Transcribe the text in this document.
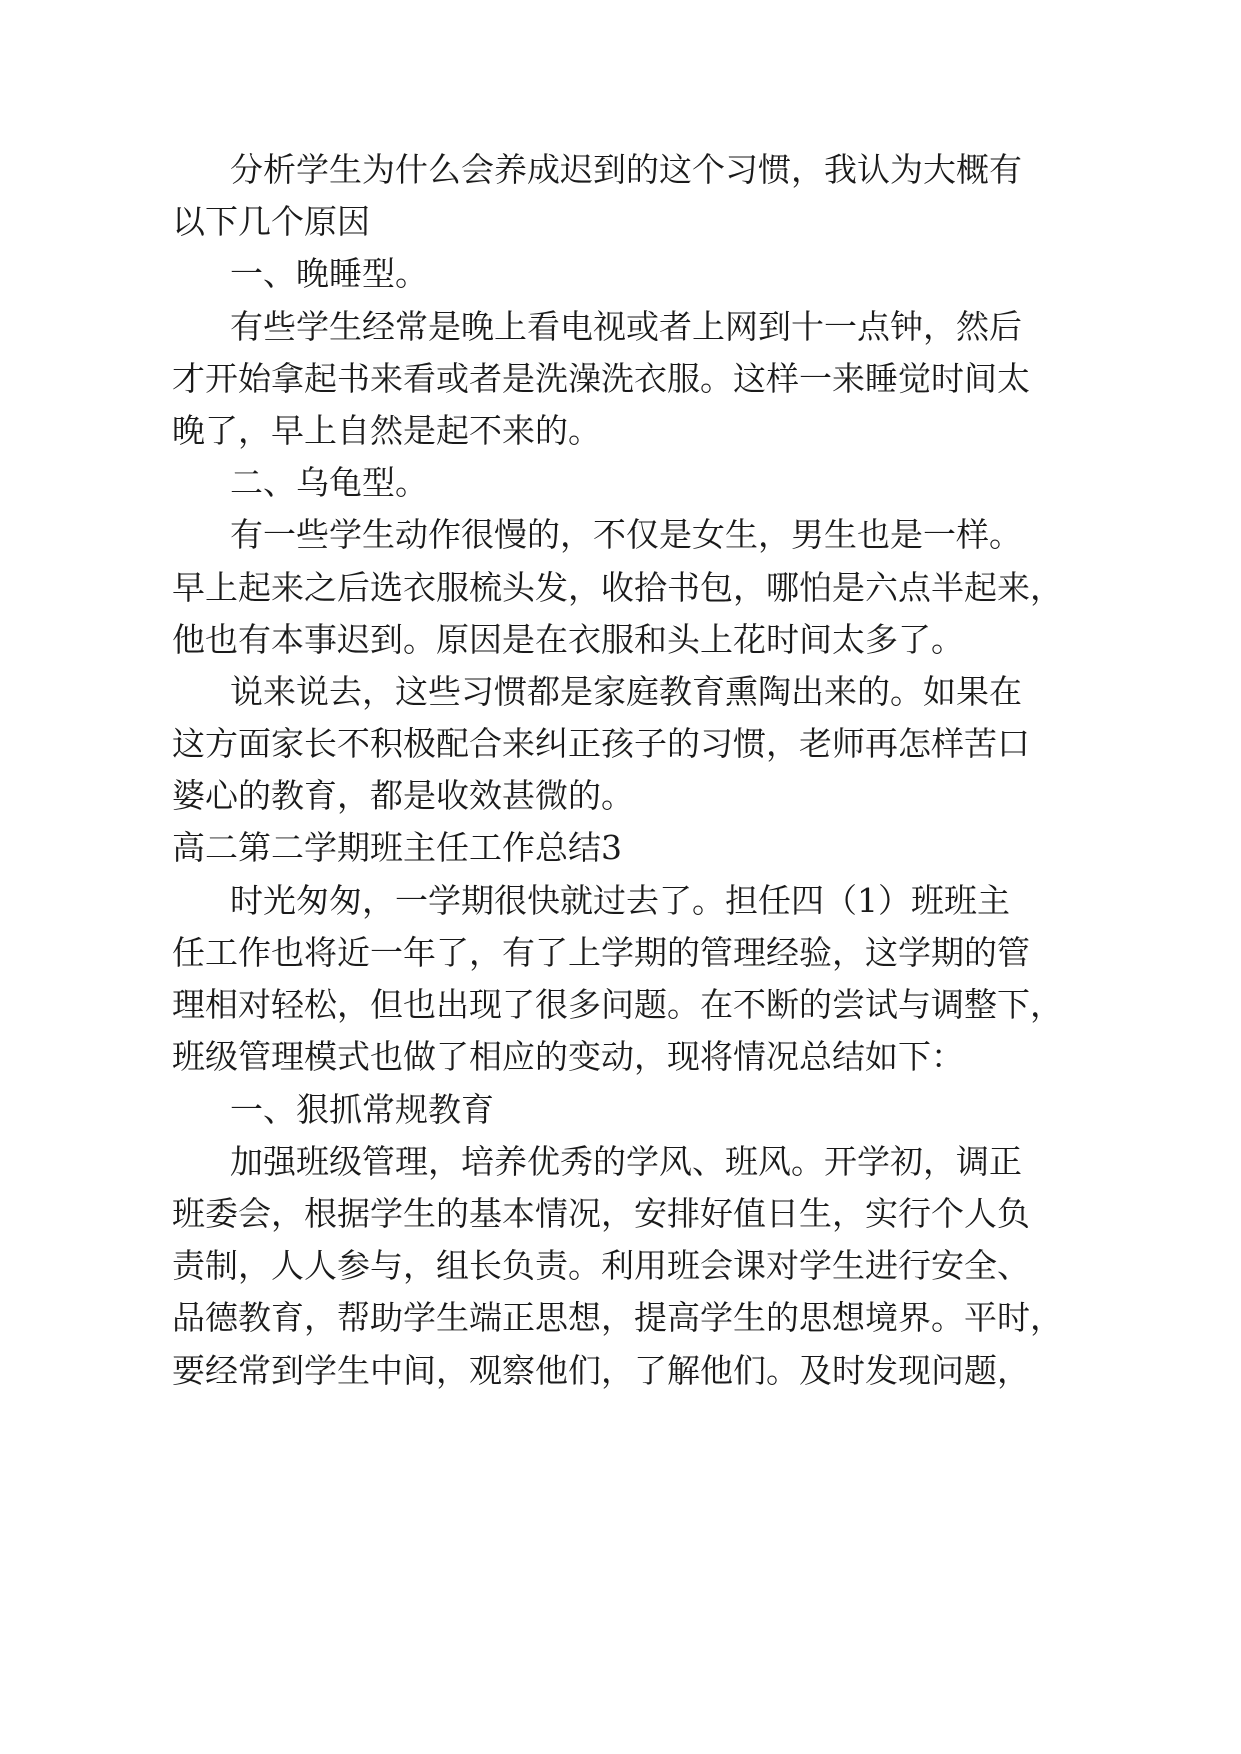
分析学生为什么会养成迟到的这个习惯，我认为大概有
以下几个原因
一、晚睡型。
有些学生经常是晚上看电视或者上网到十一点钟，然后
才开始拿起书来看或者是洗澡洗衣服。这样一来睡觉时间太
晚了，早上自然是起不来的。
二、乌龟型。
有一些学生动作很慢的，不仅是女生，男生也是一样。
早上起来之后选衣服梳头发，收拾书包，哪怕是六点半起来，
他也有本事迟到。原因是在衣服和头上花时间太多了。
说来说去，这些习惯都是家庭教育熏陶出来的。如果在
这方面家长不积极配合来纠正孩子的习惯，老师再怎样苦口
婆心的教育，都是收效甚微的。
高二第二学期班主任工作总结3
时光匆匆，一学期很快就过去了。担任四（1）班班主
任工作也将近一年了，有了上学期的管理经验，这学期的管
理相对轻松，但也出现了很多问题。在不断的尝试与调整下，
班级管理模式也做了相应的变动，现将情况总结如下：
一、狠抓常规教育
加强班级管理，培养优秀的学风、班风。开学初，调正
班委会，根据学生的基本情况，安排好值日生，实行个人负
责制，人人参与，组长负责。利用班会课对学生进行安全、
品德教育，帮助学生端正思想，提高学生的思想境界。平时，
要经常到学生中间，观察他们，了解他们。及时发现问题，
